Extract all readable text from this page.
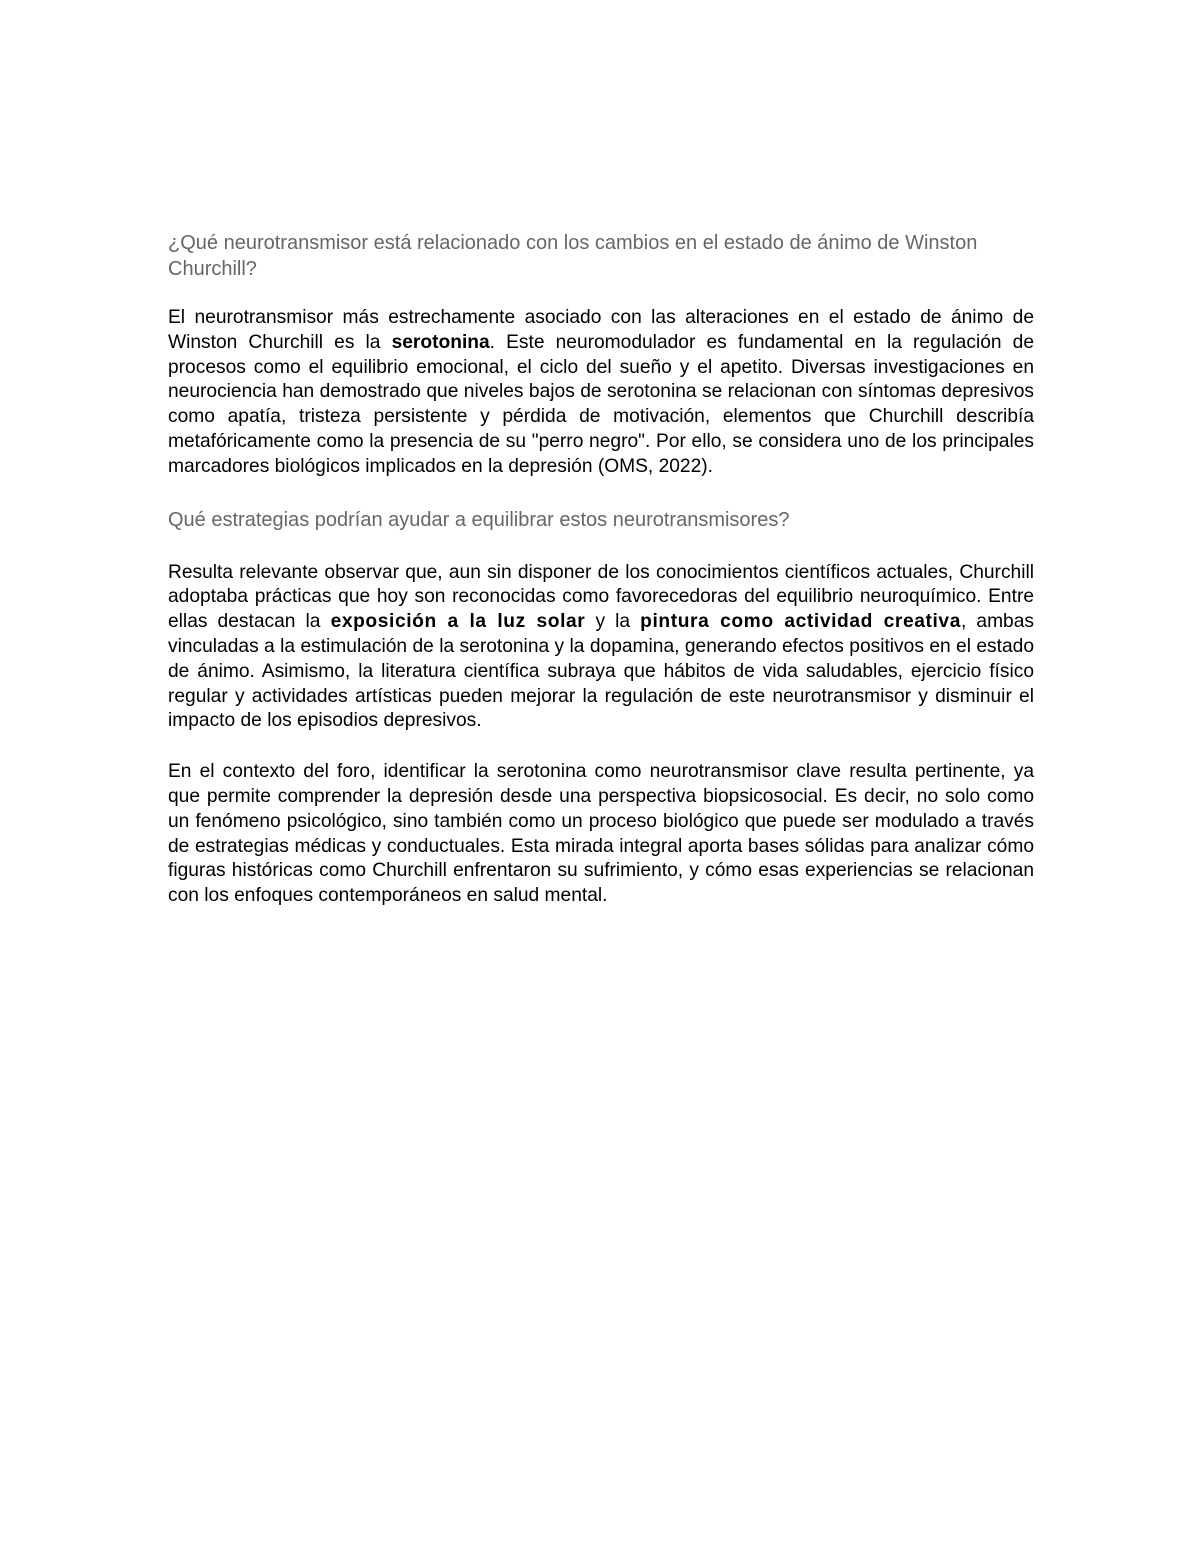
¿Qué neurotransmisor está relacionado con los cambios en el estado de ánimo de Winston Churchill?

El neurotransmisor más estrechamente asociado con las alteraciones en el estado de ánimo de Winston Churchill es la serotonina. Este neuromodulador es fundamental en la regulación de procesos como el equilibrio emocional, el ciclo del sueño y el apetito. Diversas investigaciones en neurociencia han demostrado que niveles bajos de serotonina se relacionan con síntomas depresivos como apatía, tristeza persistente y pérdida de motivación, elementos que Churchill describía metafóricamente como la presencia de su "perro negro". Por ello, se considera uno de los principales marcadores biológicos implicados en la depresión (OMS, 2022).

Qué estrategias podrían ayudar a equilibrar estos neurotransmisores?

Resulta relevante observar que, aun sin disponer de los conocimientos científicos actuales, Churchill adoptaba prácticas que hoy son reconocidas como favorecedoras del equilibrio neuroquímico. Entre ellas destacan la exposición a la luz solar y la pintura como actividad creativa, ambas vinculadas a la estimulación de la serotonina y la dopamina, generando efectos positivos en el estado de ánimo. Asimismo, la literatura científica subraya que hábitos de vida saludables, ejercicio físico regular y actividades artísticas pueden mejorar la regulación de este neurotransmisor y disminuir el impacto de los episodios depresivos.

En el contexto del foro, identificar la serotonina como neurotransmisor clave resulta pertinente, ya que permite comprender la depresión desde una perspectiva biopsicosocial. Es decir, no solo como un fenómeno psicológico, sino también como un proceso biológico que puede ser modulado a través de estrategias médicas y conductuales. Esta mirada integral aporta bases sólidas para analizar cómo figuras históricas como Churchill enfrentaron su sufrimiento, y cómo esas experiencias se relacionan con los enfoques contemporáneos en salud mental.
